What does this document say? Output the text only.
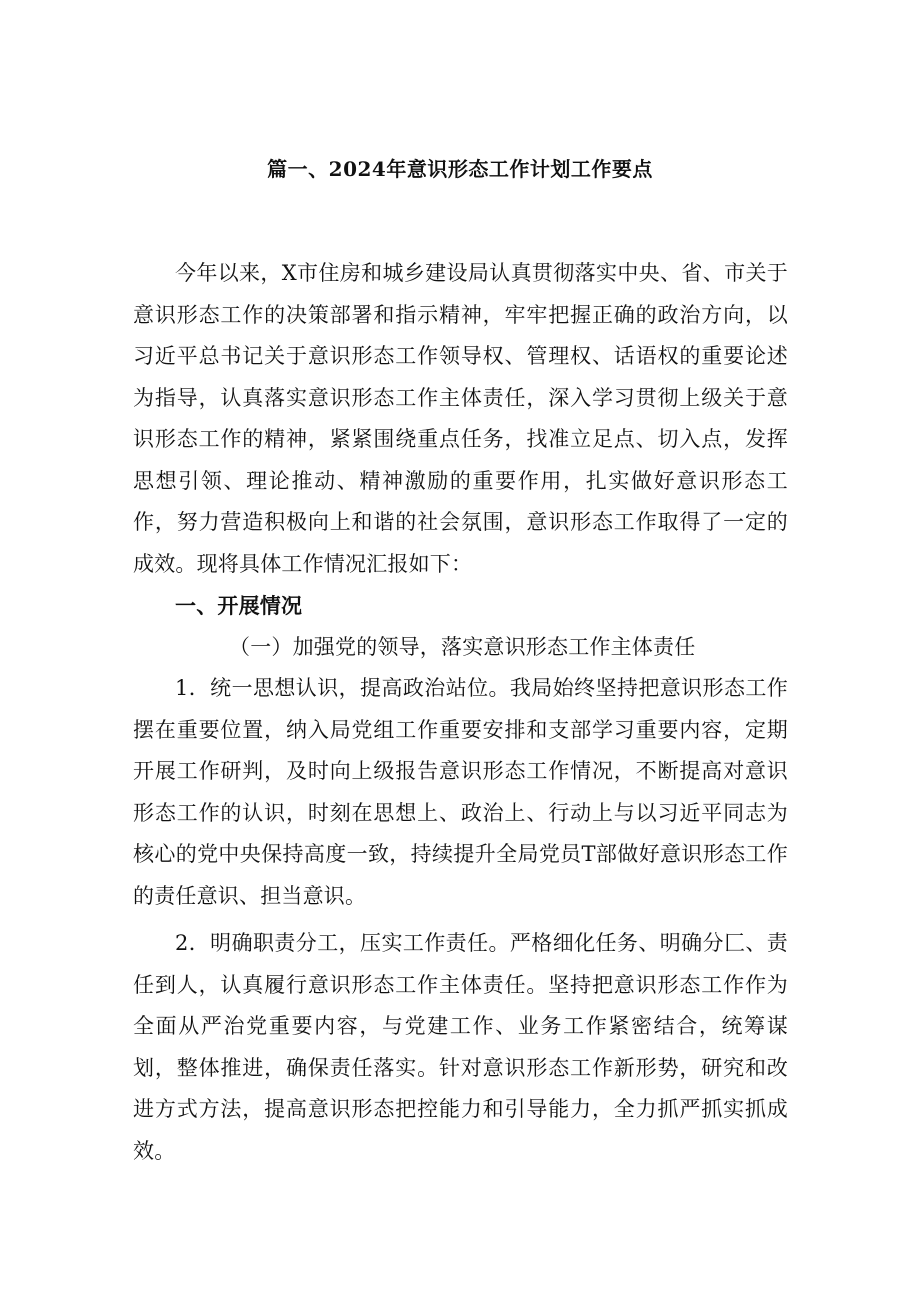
篇一、2024年意识形态工作计划工作要点

今年以来，X市住房和城乡建设局认真贯彻落实中央、省、市关于意识形态工作的决策部署和指示精神，牢牢把握正确的政治方向，以习近平总书记关于意识形态工作领导权、管理权、话语权的重要论述为指导，认真落实意识形态工作主体责任，深入学习贯彻上级关于意识形态工作的精神，紧紧围绕重点任务，找准立足点、切入点，发挥思想引领、理论推动、精神激励的重要作用，扎实做好意识形态工作，努力营造积极向上和谐的社会氛围，意识形态工作取得了一定的成效。现将具体工作情况汇报如下：

一、开展情况

（一）加强党的领导，落实意识形态工作主体责任

1．统一思想认识，提高政治站位。我局始终坚持把意识形态工作摆在重要位置，纳入局党组工作重要安排和支部学习重要内容，定期开展工作研判，及时向上级报告意识形态工作情况，不断提高对意识形态工作的认识，时刻在思想上、政治上、行动上与以习近平同志为核心的党中央保持高度一致，持续提升全局党员T部做好意识形态工作的责任意识、担当意识。

2．明确职责分工，压实工作责任。严格细化任务、明确分匚、责任到人，认真履行意识形态工作主体责任。坚持把意识形态工作作为全面从严治党重要内容，与党建工作、业务工作紧密结合，统筹谋划，整体推进，确保责任落实。针对意识形态工作新形势，研究和改进方式方法，提高意识形态把控能力和引导能力，全力抓严抓实抓成效。
